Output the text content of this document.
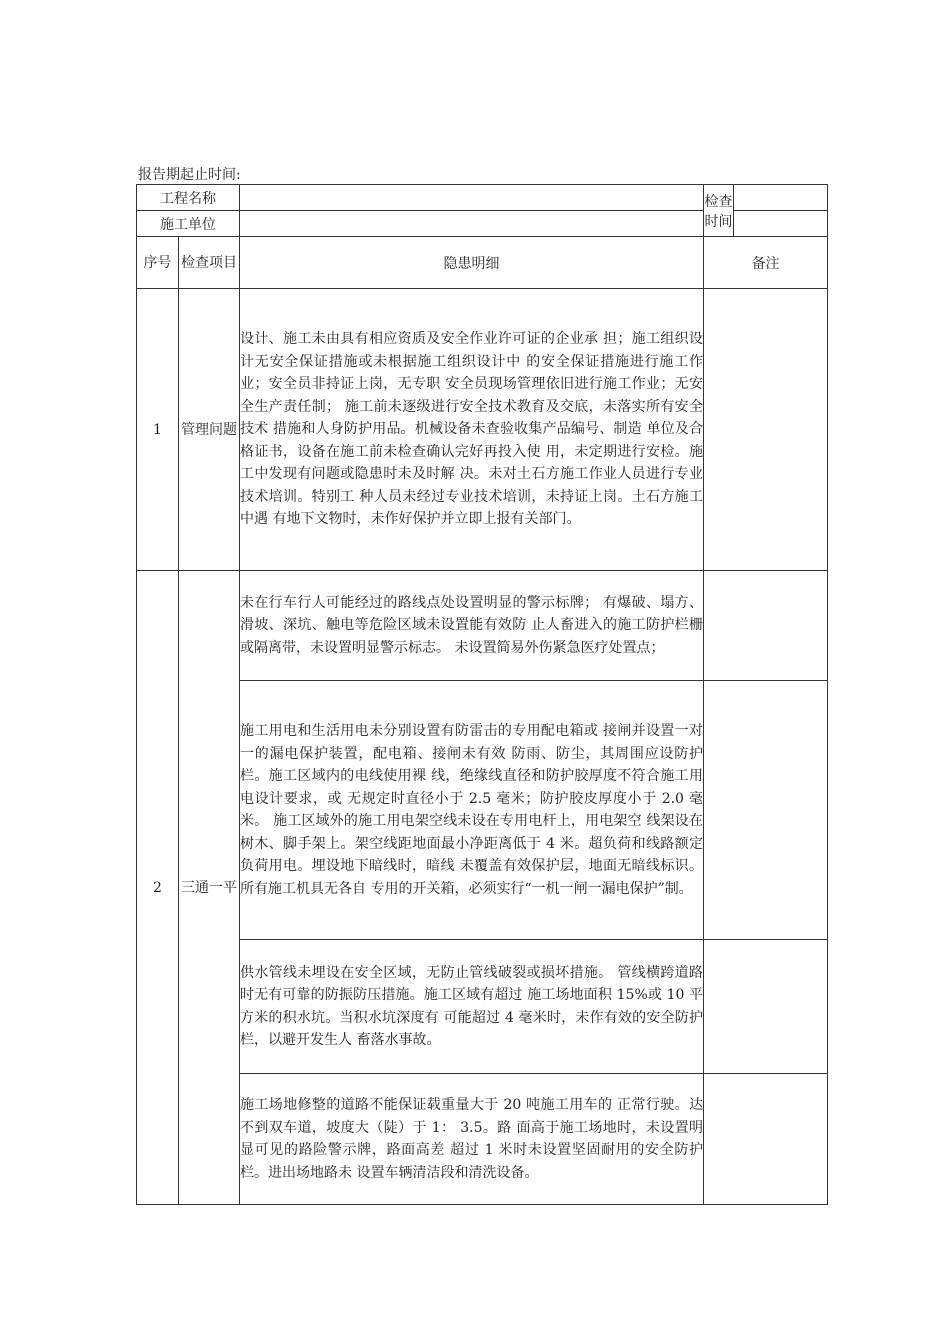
报告期起止时间:
工程名称			检查时间	
施工单位				
序号	检查项目	隐患明细	备注	
1	管理问题	设计、施工未由具有相应资质及安全作业许可证的企业承 担；施工组织设计无安全保证措施或未根据施工组织设计中 的安全保证措施进行施工作业；安全员非持证上岗，无专职 安全员现场管理依旧进行施工作业；无安全生产责任制； 施工前未逐级进行安全技术教育及交底，未落实所有安全技术 措施和人身防护用品。机械设备未查验收集产品编号、制造 单位及合格证书，设备在施工前未检查确认完好再投入使 用，未定期进行安检。施工中发现有问题或隐患时未及时解 决。未对土石方施工作业人员进行专业技术培训。特别工 种人员未经过专业技术培训，未持证上岗。土石方施工中遇 有地下文物时，未作好保护并立即上报有关部门。		
2	三通一平	未在行车行人可能经过的路线点处设置明显的警示标牌； 有爆破、塌方、滑坡、深坑、触电等危险区域未设置能有效防 止人畜进入的施工防护栏栅或隔离带，未设置明显警示标志。 未设置简易外伤紧急医疗处置点；		
		施工用电和生活用电未分别设置有防雷击的专用配电箱或 接闸并设置一对一的漏电保护装置，配电箱、接闸未有效 防雨、防尘，其周围应设防护栏。施工区域内的电线使用裸 线，绝缘线直径和防护胶厚度不符合施工用电设计要求，或 无规定时直径小于 2.5 毫米；防护胶皮厚度小于 2.0 毫米。 施工区域外的施工用电架空线未设在专用电杆上，用电架空 线架设在树木、脚手架上。架空线距地面最小净距离低于 4 米。超负荷和线路额定负荷用电。埋设地下暗线时，暗线 未覆盖有效保护层，地面无暗线标识。所有施工机具无各自 专用的开关箱，必须实行“一机一闸一漏电保护”制。		
		供水管线未埋设在安全区域，无防止管线破裂或损坏措施。 管线横跨道路时无有可靠的防振防压措施。施工区域有超过 施工场地面积 15%或 10 平方米的积水坑。当积水坑深度有 可能超过 4 毫米时，未作有效的安全防护栏，以避开发生人 畜落水事故。		
		施工场地修整的道路不能保证载重量大于 20 吨施工用车的 正常行驶。达不到双车道，坡度大（陡）于 1： 3.5。路 面高于施工场地时，未设置明显可见的路险警示牌，路面高差 超过 1 米时未设置坚固耐用的安全防护栏。进出场地路未 设置车辆清洁段和清洗设备。		
